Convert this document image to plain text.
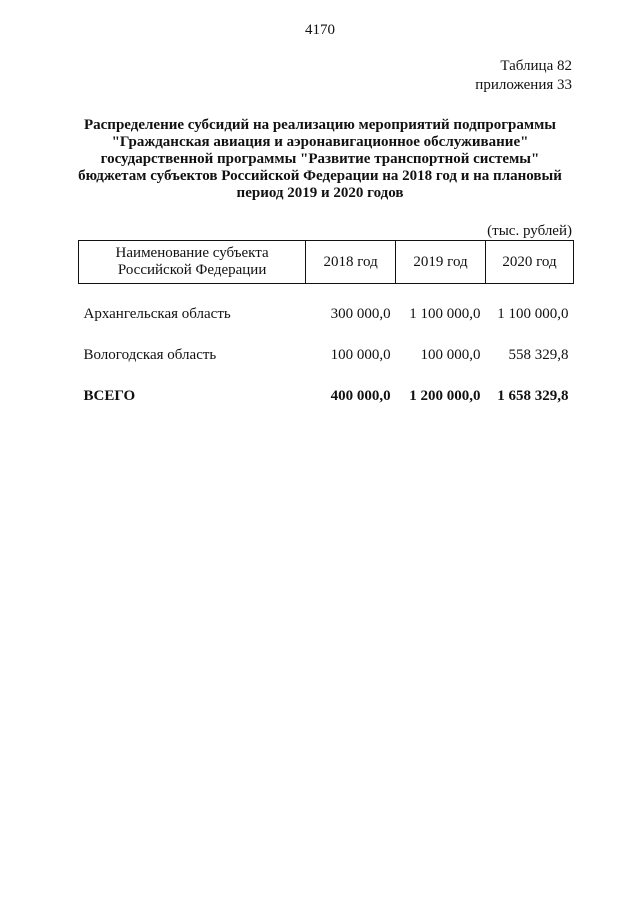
4170
Таблица 82
приложения 33
Распределение субсидий на реализацию мероприятий подпрограммы
"Гражданская авиация и аэронавигационное обслуживание"
государственной программы "Развитие транспортной системы"
бюджетам субъектов Российской Федерации на 2018 год и на плановый
период 2019 и 2020 годов
(тыс. рублей)
Наименование субъекта
Российской Федерации	2018 год	2019 год	2020 год

Архангельская область	300 000,0	1 100 000,0	1 100 000,0
Вологодская область	100 000,0	100 000,0	558 329,8
ВСЕГО	400 000,0	1 200 000,0	1 658 329,8
